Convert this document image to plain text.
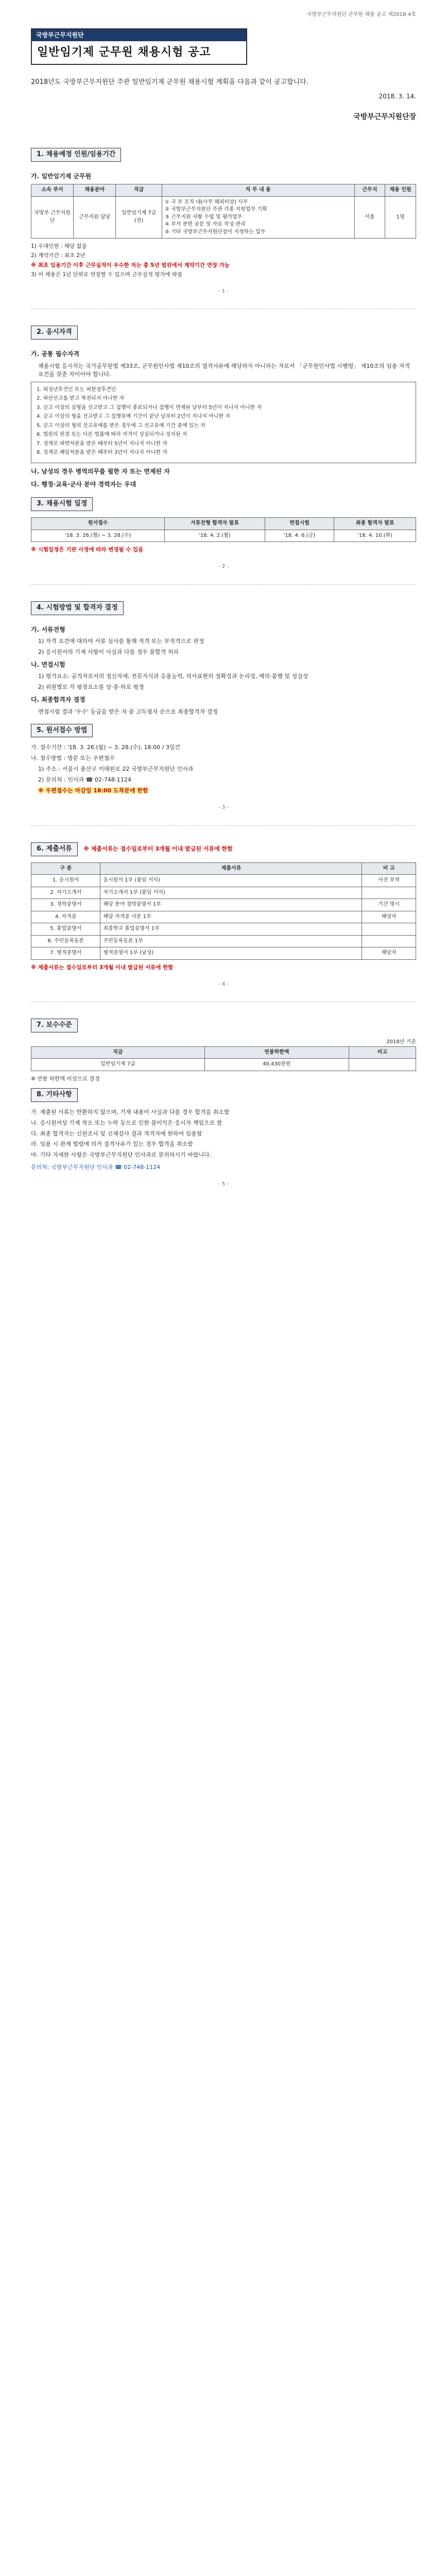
국방부근무지원단 군무원 채용 공고 제2018-4호
국방부근무지원단
일반임기제 군무원 채용시험 공고
2018년도 국방부근무지원단 주관 일반임기제 군무원 채용시험 계획을 다음과 같이 공고합니다.
2018. 3. 14.
국방부근무지원단장
1. 채용예정 인원/임용기간
가. 일반임기제 군무원
소속 부서	채용분야	직급	직 무 내 용	근무지	채용 인원
국방부 근무지원단	근무지원 담당	일반임기제 7급 (전)	① 국 부 조직 내(사무 해외비상) 사무
② 국방부근무지원단 주관 각종 지원업무 기획
③ 근무지원 사항 수립 및 평가업무
④ 부서 관련 공문 및 자료 작성·관리
⑤ 기타 국방부근무지원단장이 지정하는 업무	서울	1명
1) 우대인원 : 해당 없음
2) 계약기간 : 최초 2년
※ 최초 임용기간 이후 근무실적이 우수한 자는 총 5년 범위에서 계약기간 연장 가능
3) 이 채용은 1년 단위로 연장할 수 있으며 근무실적 평가에 따름
- 1 -
2. 응시자격
가. 공통 필수자격
채용시험 응시자는 국가공무원법 제33조, 군무원인사법 제10조의 결격사유에 해당하지 아니하는 자로서 「군무원인사법 시행령」 제10조의 임용 자격 요건을 갖춘 자이어야 합니다.
1. 피성년후견인 또는 피한정후견인
2. 파산선고를 받고 복권되지 아니한 자
3. 금고 이상의 실형을 선고받고 그 집행이 종료되거나 집행이 면제된 날부터 5년이 지나지 아니한 자
4. 금고 이상의 형을 선고받고 그 집행유예 기간이 끝난 날부터 2년이 지나지 아니한 자
5. 금고 이상의 형의 선고유예를 받은 경우에 그 선고유예 기간 중에 있는 자
6. 법원의 판결 또는 다른 법률에 따라 자격이 상실되거나 정지된 자
7. 징계로 파면처분을 받은 때부터 5년이 지나지 아니한 자
8. 징계로 해임처분을 받은 때부터 3년이 지나지 아니한 자
나. 남성의 경우 병역의무를 필한 자 또는 면제된 자
다. 행정·교육·군사 분야 경력자는 우대
3. 채용시험 일정
원서접수	서류전형 합격자 발표	면접시험	최종 합격자 발표
'18. 3. 26.(월) ~ 3. 28.(수)	'18. 4. 2.(월)	'18. 4. 6.(금)	'18. 4. 10.(화)
※ 시험일정은 기관 사정에 따라 변경될 수 있음
- 2 -
4. 시험방법 및 합격자 결정
가. 서류전형
1) 자격 요건에 대하여 서류 심사를 통해 적격 또는 부적격으로 판정
2) 응시원서의 기재 사항이 사실과 다를 경우 불합격 처리
나. 면접시험
1) 평가요소: 공직자로서의 정신자세, 전문지식과 응용능력, 의사표현의 정확성과 논리성, 예의·품행 및 성실성
2) 위원별로 각 평정요소를 상·중·하로 평정
다. 최종합격자 결정
면접시험 결과 '우수' 등급을 받은 자 중 고득점자 순으로 최종합격자 결정
5. 원서접수 방법
가. 접수기간 : '18. 3. 26.(월) ~ 3. 28.(수), 18:00 / 3일간
나. 접수방법 : 방문 또는 우편접수
1) 주소 : 서울시 용산구 이태원로 22 국방부근무지원단 인사과
2) 문의처 : 인사과 ☎ 02-748-1124
※ 우편접수는 마감일 18:00 도착분에 한함
- 3 -
6. 제출서류 ※ 제출서류는 접수일로부터 3개월 이내 발급된 서류에 한함
구 분	제출서류	비 고
1. 응시원서	응시원서 1부 (붙임 서식)	사진 부착
2. 자기소개서	자기소개서 1부 (붙임 서식)	
3. 경력증명서	해당 분야 경력증명서 1부	기간 명시
4. 자격증	해당 자격증 사본 1부	해당자
5. 졸업증명서	최종학교 졸업증명서 1부	
6. 주민등록등본	주민등록등본 1부	
7. 병적증명서	병적증명서 1부 (남성)	해당자
※ 제출서류는 접수일로부터 3개월 이내 발급된 서류에 한함
- 4 -
7. 보수수준
2018년 기준
직급	연봉하한액	비고
일반임기제 7급	40,430천원	
※ 연봉 하한액 이상으로 결정
8. 기타사항
가. 제출된 서류는 반환하지 않으며, 기재 내용이 사실과 다를 경우 합격을 취소함
나. 응시원서상 기재 착오 또는 누락 등으로 인한 불이익은 응시자 책임으로 함
다. 최종 합격자는 신원조사 및 신체검사 결과 적격자에 한하여 임용함
라. 임용 시 관계 법령에 의거 결격사유가 있는 경우 합격을 취소함
마. 기타 자세한 사항은 국방부근무지원단 인사과로 문의하시기 바랍니다.
문의처: 국방부근무지원단 인사과 ☎ 02-748-1124
- 5 -
